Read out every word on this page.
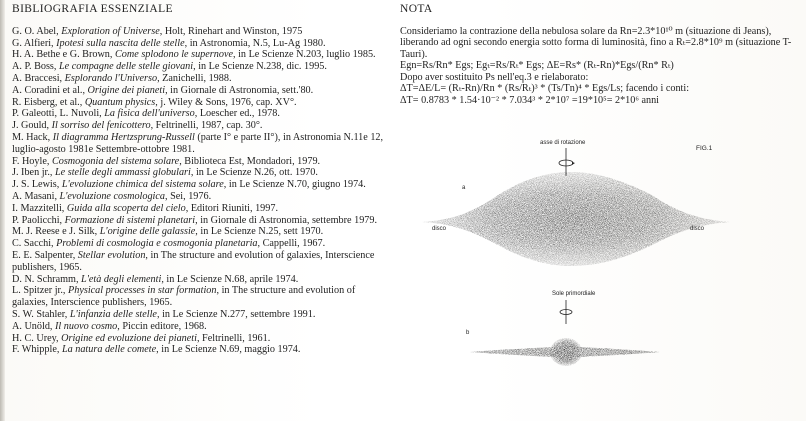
BIBLIOGRAFIA ESSENZIALE

G. O. Abel, Exploration of Universe, Holt, Rinehart and Winston, 1975

G. Alfieri, Ipotesi sulla nascita delle stelle, in Astronomia, N.5, Lu-Ag 1980.

H. A. Bethe e G. Brown, Come splodono le supernove, in Le Scienze N.203, luglio 1985.

A. P. Boss, Le compagne delle stelle giovani, in Le Scienze N.238, dic. 1995.

A. Braccesi, Esplorando l'Universo, Zanichelli, 1988.

A. Coradini et al., Origine dei pianeti, in Giornale di Astronomia, sett.'80.

R. Eisberg, et al., Quantum physics, j. Wiley & Sons, 1976, cap. XV°.

P. Galeotti, L. Nuvoli, La fisica dell'universo, Loescher ed., 1978.

J. Gould, Il sorriso del fenicottero, Feltrinelli, 1987, cap. 30°.

M. Hack, Il diagramma Hertzsprung-Russell (parte I° e parte II°), in Astronomia N.11e 12, luglio-agosto 1981e Settembre-ottobre 1981.

F. Hoyle, Cosmogonia del sistema solare, Biblioteca Est, Mondadori, 1979.

J. Iben jr., Le stelle degli ammassi globulari, in Le Scienze N.26, ott. 1970.

J. S. Lewis, L'evoluzione chimica del sistema solare, in Le Scienze N.70, giugno 1974.

A. Masani, L'evoluzione cosmologica, Sei, 1976.

I. Mazzitelli, Guida alla scoperta del cielo, Editori Riuniti, 1997.

P. Paolicchi, Formazione di sistemi planetari, in Giornale di Astronomia, settembre 1979.

M. J. Reese e J. Silk, L'origine delle galassie, in Le Scienze N.25, sett 1970.

C. Sacchi, Problemi di cosmologia e cosmogonia planetaria, Cappelli, 1967.

E. E. Salpenter, Stellar evolution, in The structure and evolution of galaxies, Interscience publishers, 1965.

D. N. Schramm, L'età degli elementi, in Le Scienze N.68, aprile 1974.

L. Spitzer jr., Physical processes in star formation, in The structure and evolution of galaxies, Interscience publishers, 1965.

S. W. Stahler, L'infanzia delle stelle, in Le Scienze N.277, settembre 1991.

A. Unöld, Il nuovo cosmo, Piccin editore, 1968.

H. C. Urey, Origine ed evoluzione dei pianeti, Feltrinelli, 1961.

F. Whipple, La natura delle comete, in Le Scienze N.69, maggio 1974.

NOTA

Consideriamo la contrazione della nebulosa solare da Rn=2.3*10¹⁰ m (situazione di Jeans), liberando ad ogni secondo energia sotto forma di luminosità, fino a Rₜ=2.8*10⁹ m (situazione T-Tauri).

Egn=Rs/Rn* Egs; Egₜ=Rs/Rₜ* Egs; ΔE=Rs* (Rₜ-Rn)*Egs/(Rn* Rₜ)

Dopo aver sostituito Ps nell'eq.3 e rielaborato:

ΔT=ΔE/L= (Rₜ-Rn)/Rn * (Rs/Rₜ)³ * (Ts/Tn)⁴ * Egs/Ls; facendo i conti:

ΔT= 0.8783 * 1.54·10⁻² * 7.034³ * 2*10⁷ =19*10⁵= 2*10⁶ anni

asse di rotazione
FIG.1
a
disco	disco
Sole primordiale
b
